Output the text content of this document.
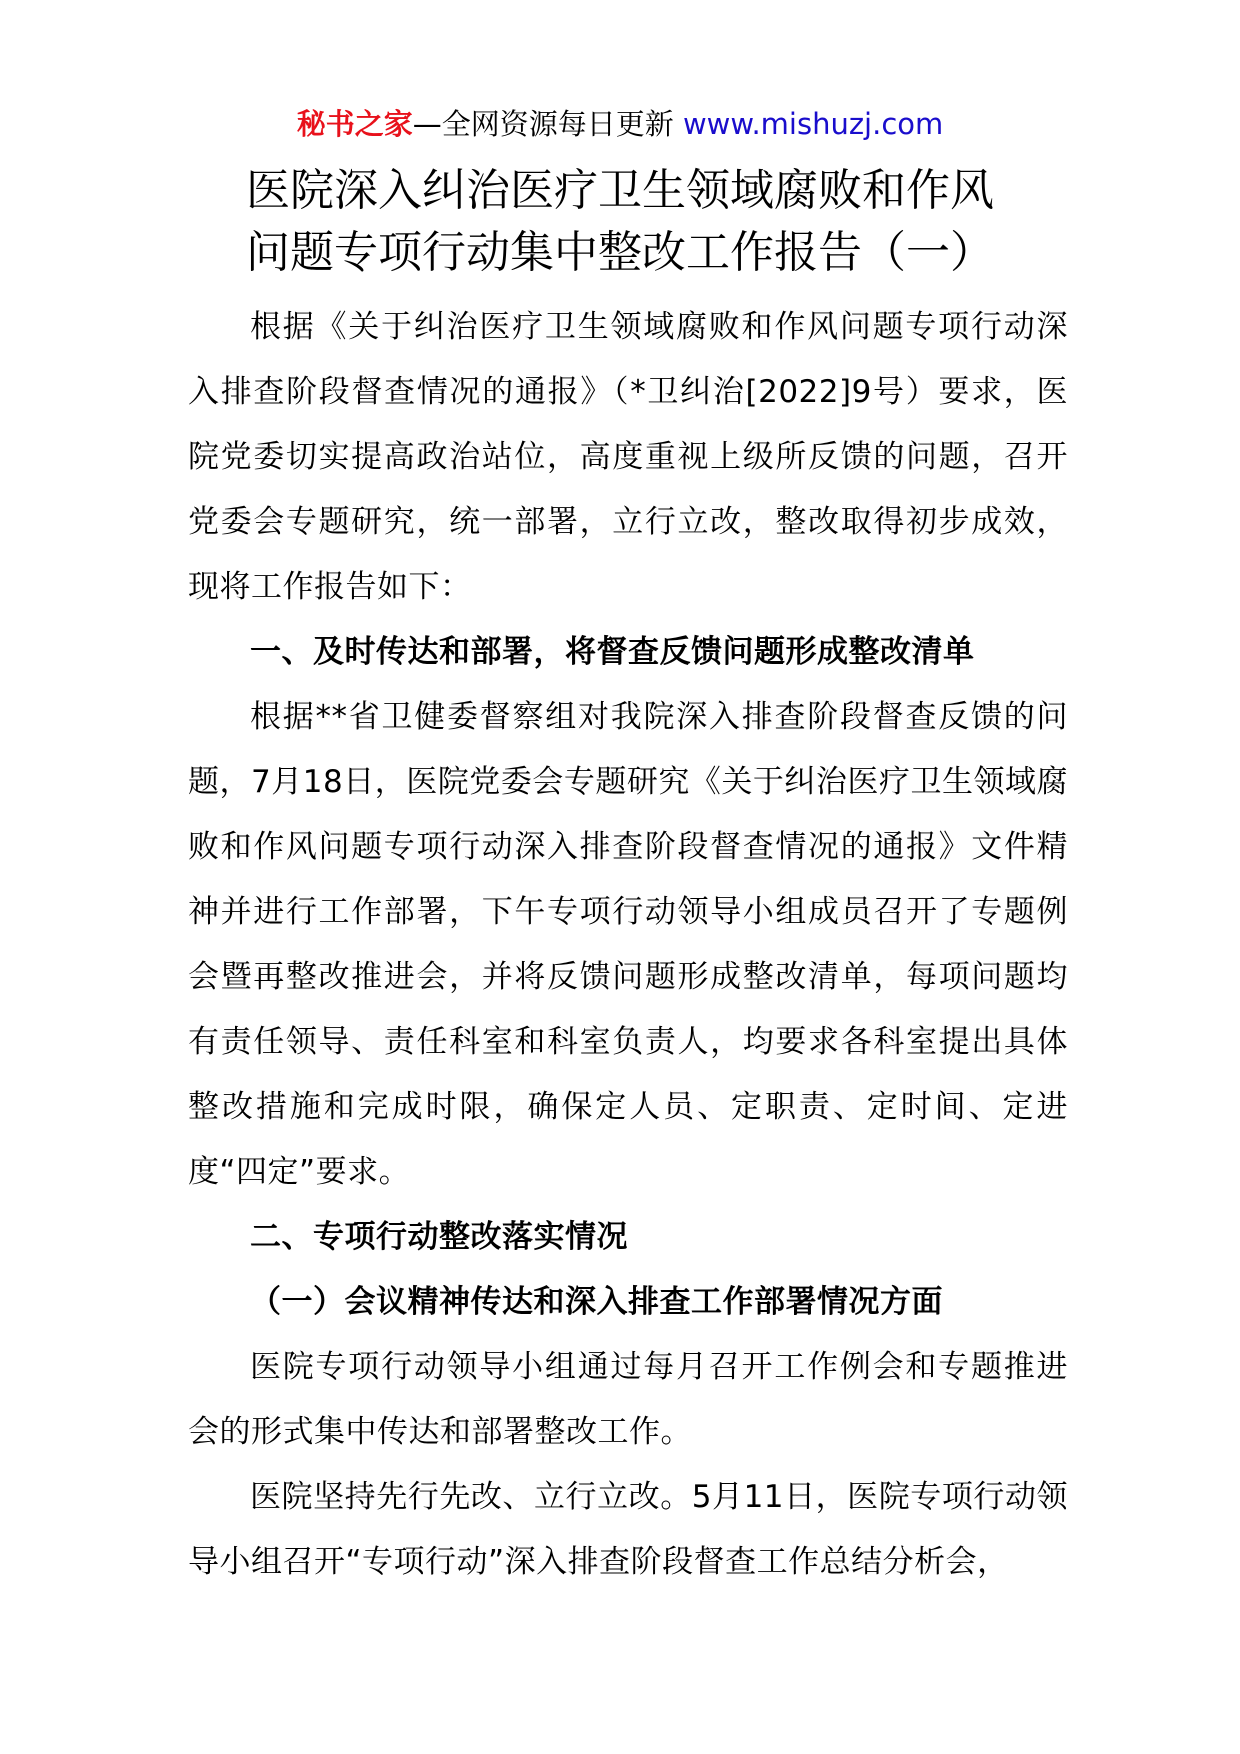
秘书之家—全网资源每日更新 www.mishuzj.com
医院深入纠治医疗卫生领域腐败和作风
问题专项行动集中整改工作报告（一）

根据《关于纠治医疗卫生领域腐败和作风问题专项行动深入排查阶段督查情况的通报》（*卫纠治[2022]9号）要求，医院党委切实提高政治站位，高度重视上级所反馈的问题，召开党委会专题研究，统一部署，立行立改，整改取得初步成效，现将工作报告如下：

一、及时传达和部署，将督查反馈问题形成整改清单

根据**省卫健委督察组对我院深入排查阶段督查反馈的问题，7月18日，医院党委会专题研究《关于纠治医疗卫生领域腐败和作风问题专项行动深入排查阶段督查情况的通报》文件精神并进行工作部署，下午专项行动领导小组成员召开了专题例会暨再整改推进会，并将反馈问题形成整改清单，每项问题均有责任领导、责任科室和科室负责人，均要求各科室提出具体整改措施和完成时限，确保定人员、定职责、定时间、定进度“四定”要求。

二、专项行动整改落实情况
（一）会议精神传达和深入排查工作部署情况方面

医院专项行动领导小组通过每月召开工作例会和专题推进会的形式集中传达和部署整改工作。

医院坚持先行先改、立行立改。5月11日，医院专项行动领导小组召开“专项行动”深入排查阶段督查工作总结分析会，
